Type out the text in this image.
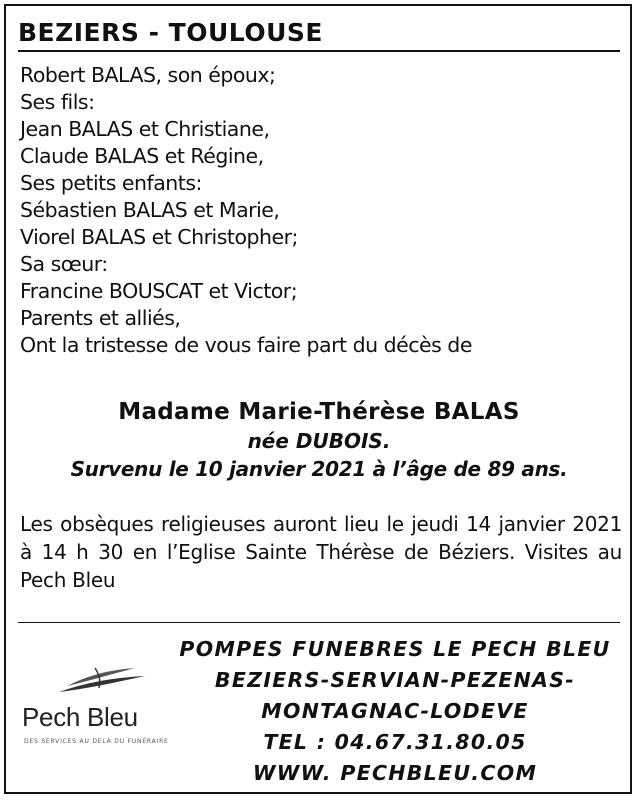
BEZIERS - TOULOUSE
Robert BALAS, son époux;
Ses fils:
Jean BALAS et Christiane,
Claude BALAS et Régine,
Ses petits enfants:
Sébastien BALAS et Marie,
Viorel BALAS et Christopher;
Sa sœur:
Francine BOUSCAT et Victor;
Parents et alliés,
Ont la tristesse de vous faire part du décès de
Madame Marie-Thérèse BALAS
née DUBOIS.
Survenu le 10 janvier 2021 à l’âge de 89 ans.
Les obsèques religieuses auront lieu le jeudi 14 janvier 2021 à 14 h 30 en l’Eglise Sainte Thérèse de Béziers. Visites au Pech Bleu
Pech Bleu
DES SERVICES AU DELÀ DU FUNÉRAIRE
POMPES FUNEBRES LE PECH BLEU
BEZIERS-SERVIAN-PEZENAS-
MONTAGNAC-LODEVE
TEL : 04.67.31.80.05
WWW. PECHBLEU.COM
